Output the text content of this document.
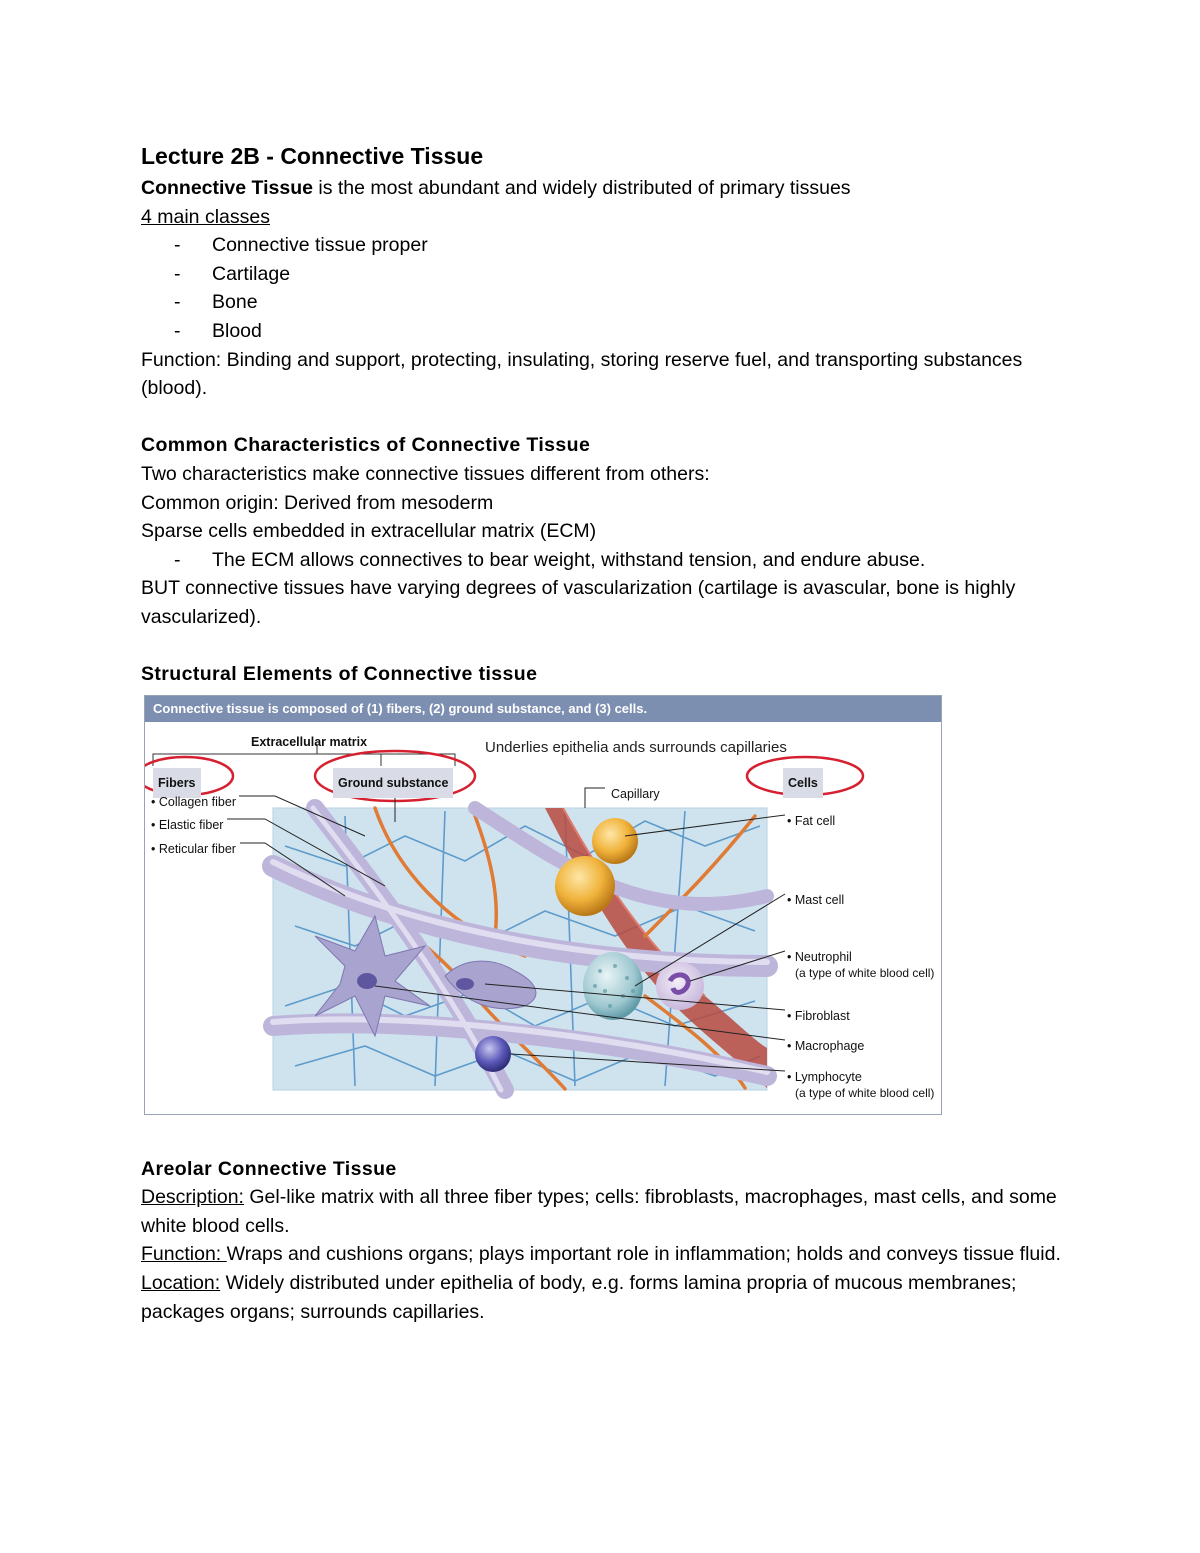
Lecture 2B - Connective Tissue

Connective Tissue is the most abundant and widely distributed of primary tissues

4 main classes

- Connective tissue proper
- Cartilage
- Bone
- Blood

Function: Binding and support, protecting, insulating, storing reserve fuel, and transporting substances (blood).

Common Characteristics of Connective Tissue

Two characteristics make connective tissues different from others:

Common origin: Derived from mesoderm

Sparse cells embedded in extracellular matrix (ECM)

- The ECM allows connectives to bear weight, withstand tension, and endure abuse.

BUT connective tissues have varying degrees of vascularization (cartilage is avascular, bone is highly vascularized).

Structural Elements of Connective tissue

Connective tissue is composed of (1) fibers, (2) ground substance, and (3) cells.
Extracellular matrix	Underlies epithelia ands surrounds capillaries
Fibers	Ground substance	Cells
• Collagen fiber
• Elastic fiber
• Reticular fiber
Capillary
• Fat cell
• Mast cell
• Neutrophil
(a type of white blood cell)
• Fibroblast
• Macrophage
• Lymphocyte
(a type of white blood cell)

Areolar Connective Tissue

Description: Gel-like matrix with all three fiber types; cells: fibroblasts, macrophages, mast cells, and some white blood cells.

Function: Wraps and cushions organs; plays important role in inflammation; holds and conveys tissue fluid.

Location: Widely distributed under epithelia of body, e.g. forms lamina propria of mucous membranes; packages organs; surrounds capillaries.
